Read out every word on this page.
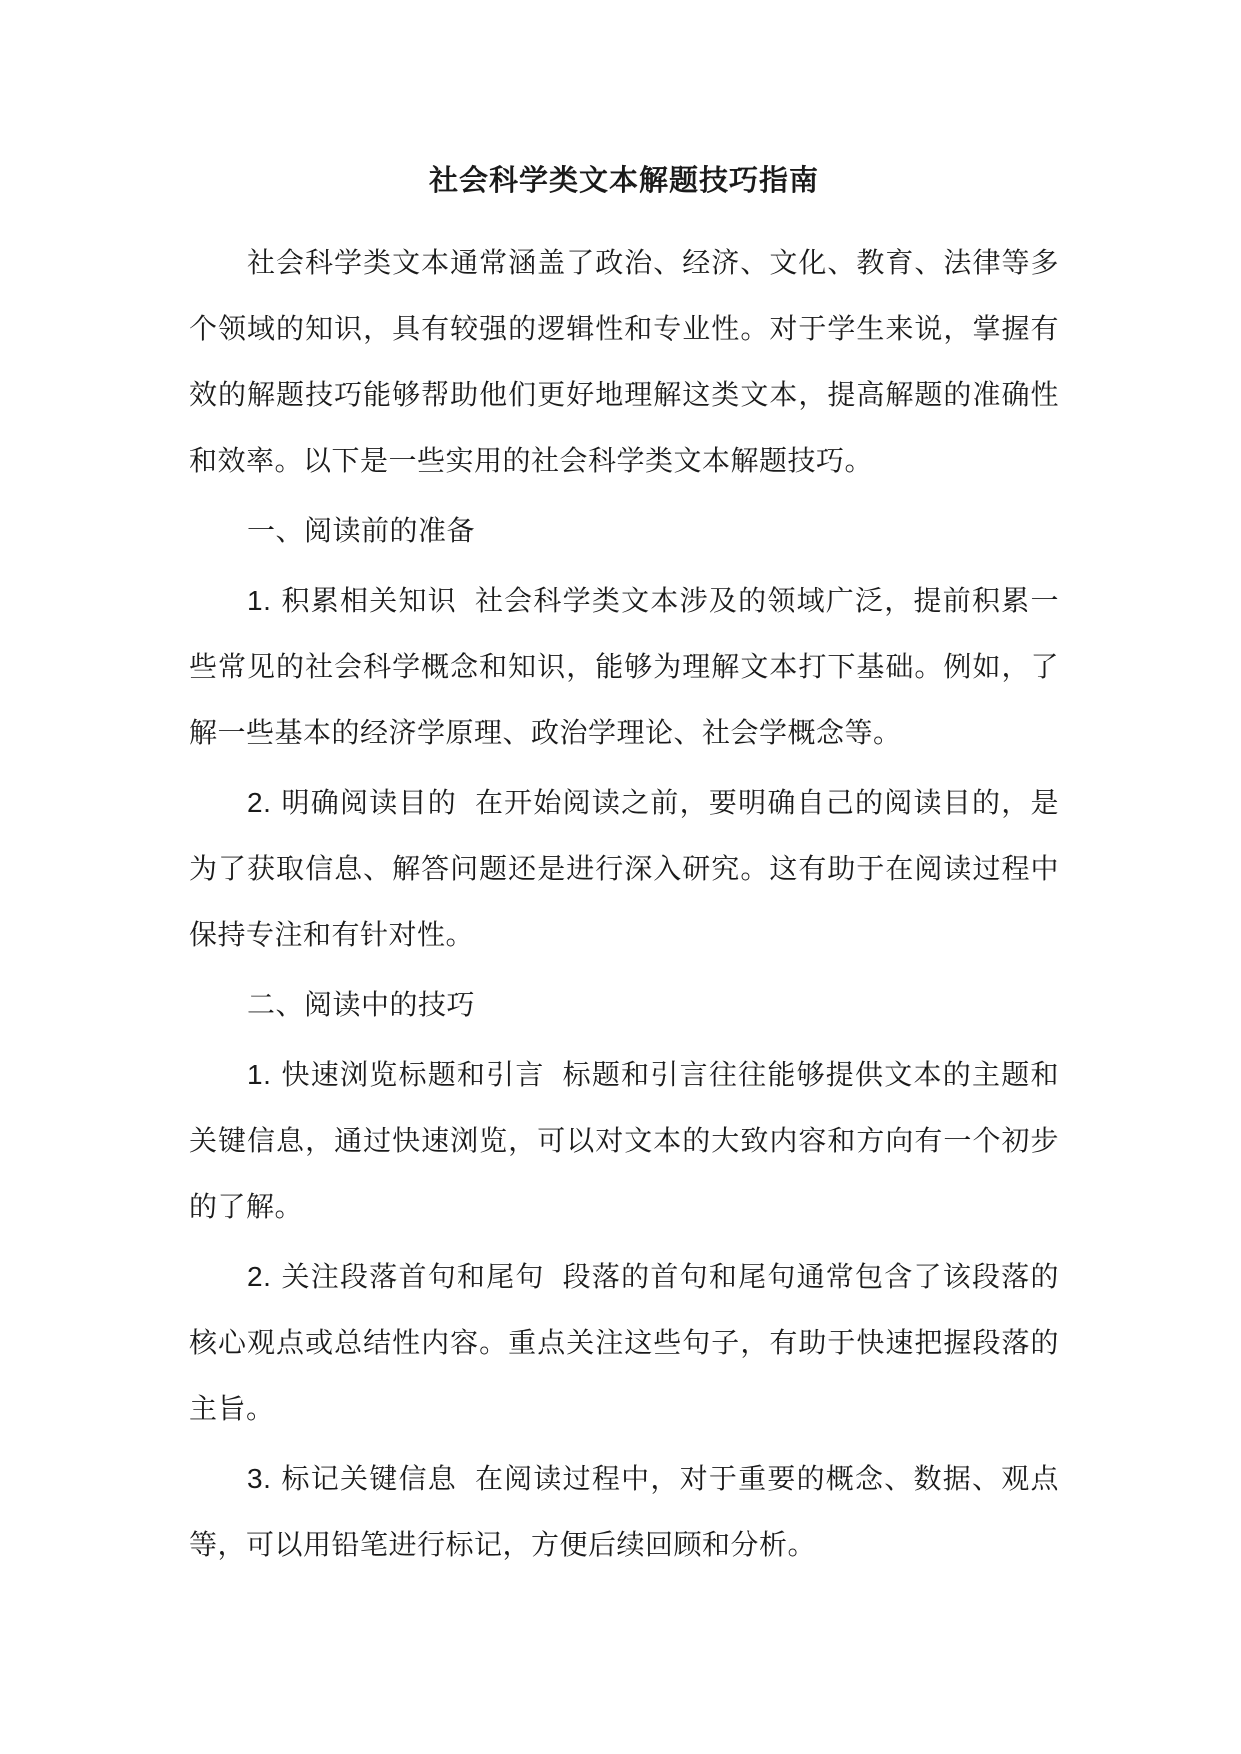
社会科学类文本解题技巧指南

社会科学类文本通常涵盖了政治、经济、文化、教育、法律等多个领域的知识，具有较强的逻辑性和专业性。对于学生来说，掌握有效的解题技巧能够帮助他们更好地理解这类文本，提高解题的准确性和效率。以下是一些实用的社会科学类文本解题技巧。

一、阅读前的准备

1. 积累相关知识 社会科学类文本涉及的领域广泛，提前积累一些常见的社会科学概念和知识，能够为理解文本打下基础。例如，了解一些基本的经济学原理、政治学理论、社会学概念等。

2. 明确阅读目的 在开始阅读之前，要明确自己的阅读目的，是为了获取信息、解答问题还是进行深入研究。这有助于在阅读过程中保持专注和有针对性。

二、阅读中的技巧

1. 快速浏览标题和引言 标题和引言往往能够提供文本的主题和关键信息，通过快速浏览，可以对文本的大致内容和方向有一个初步的了解。

2. 关注段落首句和尾句 段落的首句和尾句通常包含了该段落的核心观点或总结性内容。重点关注这些句子，有助于快速把握段落的主旨。

3. 标记关键信息 在阅读过程中，对于重要的概念、数据、观点等，可以用铅笔进行标记，方便后续回顾和分析。
